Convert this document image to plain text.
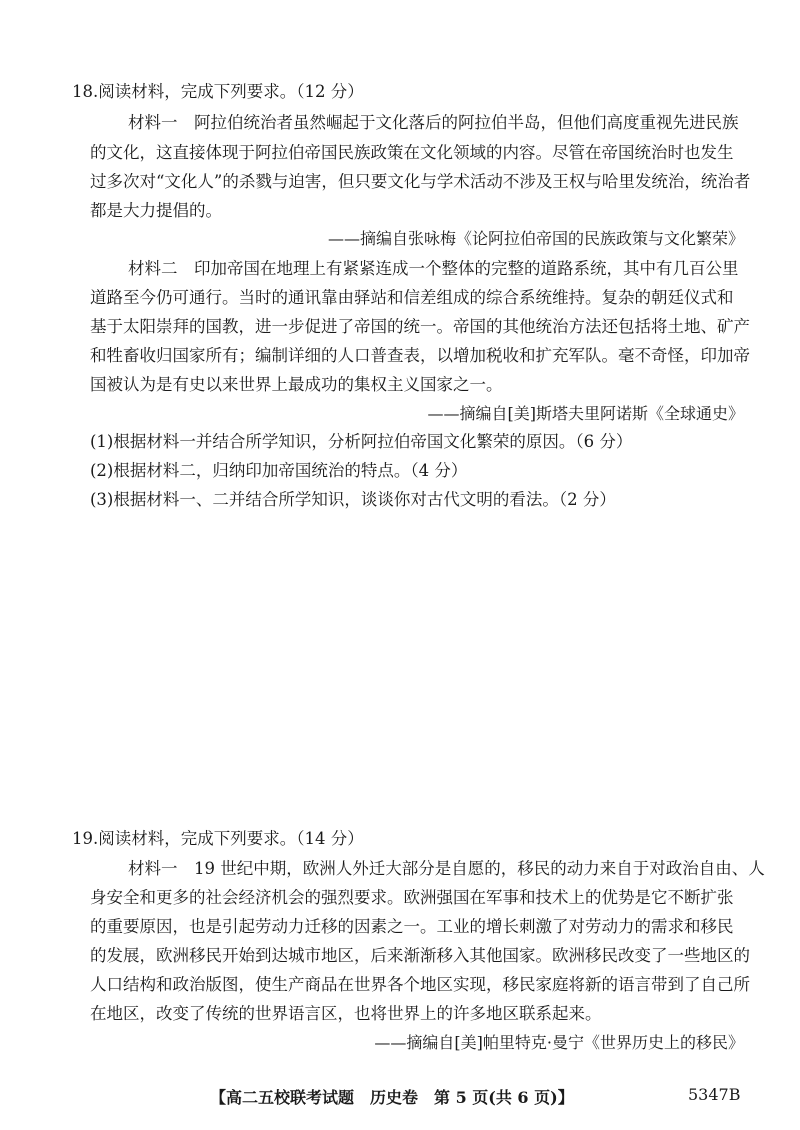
18.阅读材料，完成下列要求。（12 分）
材料一　阿拉伯统治者虽然崛起于文化落后的阿拉伯半岛，但他们高度重视先进民族
的文化，这直接体现于阿拉伯帝国民族政策在文化领域的内容。尽管在帝国统治时也发生
过多次对“文化人”的杀戮与迫害，但只要文化与学术活动不涉及王权与哈里发统治，统治者
都是大力提倡的。
——摘编自张咏梅《论阿拉伯帝国的民族政策与文化繁荣》
材料二　印加帝国在地理上有紧紧连成一个整体的完整的道路系统，其中有几百公里
道路至今仍可通行。当时的通讯靠由驿站和信差组成的综合系统维持。复杂的朝廷仪式和
基于太阳崇拜的国教，进一步促进了帝国的统一。帝国的其他统治方法还包括将土地、矿产
和牲畜收归国家所有；编制详细的人口普查表，以增加税收和扩充军队。毫不奇怪，印加帝
国被认为是有史以来世界上最成功的集权主义国家之一。
——摘编自[美]斯塔夫里阿诺斯《全球通史》
(1)根据材料一并结合所学知识，分析阿拉伯帝国文化繁荣的原因。（6 分）
(2)根据材料二，归纳印加帝国统治的特点。（4 分）
(3)根据材料一、二并结合所学知识，谈谈你对古代文明的看法。（2 分）
19.阅读材料，完成下列要求。（14 分）
材料一　19 世纪中期，欧洲人外迁大部分是自愿的，移民的动力来自于对政治自由、人
身安全和更多的社会经济机会的强烈要求。欧洲强国在军事和技术上的优势是它不断扩张
的重要原因，也是引起劳动力迁移的因素之一。工业的增长刺激了对劳动力的需求和移民
的发展，欧洲移民开始到达城市地区，后来渐渐移入其他国家。欧洲移民改变了一些地区的
人口结构和政治版图，使生产商品在世界各个地区实现，移民家庭将新的语言带到了自己所
在地区，改变了传统的世界语言区，也将世界上的许多地区联系起来。
——摘编自[美]帕里特克·曼宁《世界历史上的移民》
【高二五校联考试题　历史卷　第 5 页(共 6 页)】	5347B
